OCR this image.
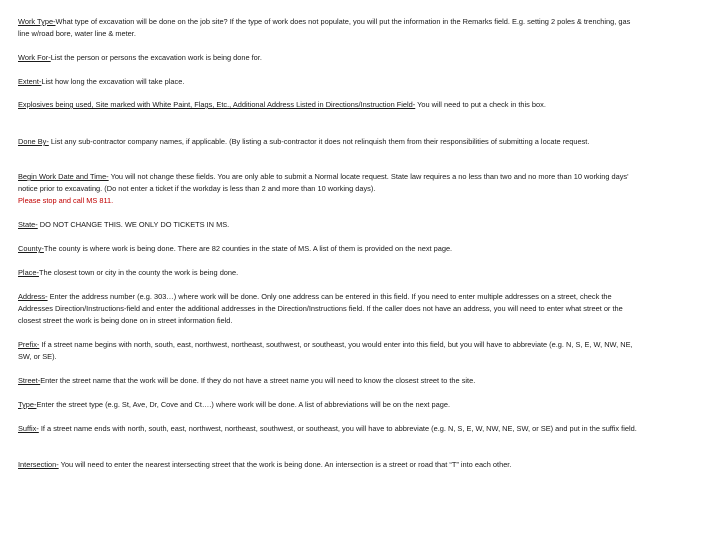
Work Type-What type of excavation will be done on the job site? If the type of work does not populate, you will put the information in the Remarks field. E.g. setting 2 poles & trenching, gas line w/road bore, water line & meter.
Work For-List the person or persons the excavation work is being done for.
Extent-List how long the excavation will take place.
Explosives being used, Site marked with White Paint, Flags, Etc., Additional Address Listed in Directions/Instruction Field- You will need to put a check in this box.
Done By- List any sub-contractor company names, if applicable. (By listing a sub-contractor it does not relinquish them from their responsibilities of submitting a locate request.
Begin Work Date and Time- You will not change these fields. You are only able to submit a Normal locate request. State law requires a no less than two and no more than 10 working days' notice prior to excavating. (Do not enter a ticket if the workday is less than 2 and more than 10 working days).
Please stop and call MS 811.
State- DO NOT CHANGE THIS. WE ONLY DO TICKETS IN MS.
County-The county is where work is being done. There are 82 counties in the state of MS. A list of them is provided on the next page.
Place-The closest town or city in the county the work is being done.
Address- Enter the address number (e.g. 303…) where work will be done. Only one address can be entered in this field. If you need to enter multiple addresses on a street, check the Addresses Direction/Instructions-field and enter the additional addresses in the Direction/Instructions field. If the caller does not have an address, you will need to enter what street or the closest street the work is being done on in street information field.
Prefix- If a street name begins with north, south, east, northwest, northeast, southwest, or southeast, you would enter into this field, but you will have to abbreviate (e.g. N, S, E, W, NW, NE, SW, or SE).
Street-Enter the street name that the work will be done. If they do not have a street name you will need to know the closest street to the site.
Type-Enter the street type (e.g. St, Ave, Dr, Cove and Ct….) where work will be done. A list of abbreviations will be on the next page.
Suffix- If a street name ends with north, south, east, northwest, northeast, southwest, or southeast, you will have to abbreviate (e.g. N, S, E, W, NW, NE, SW, or SE) and put in the suffix field.
Intersection- You will need to enter the nearest intersecting street that the work is being done. An intersection is a street or road that “T” into each other.
